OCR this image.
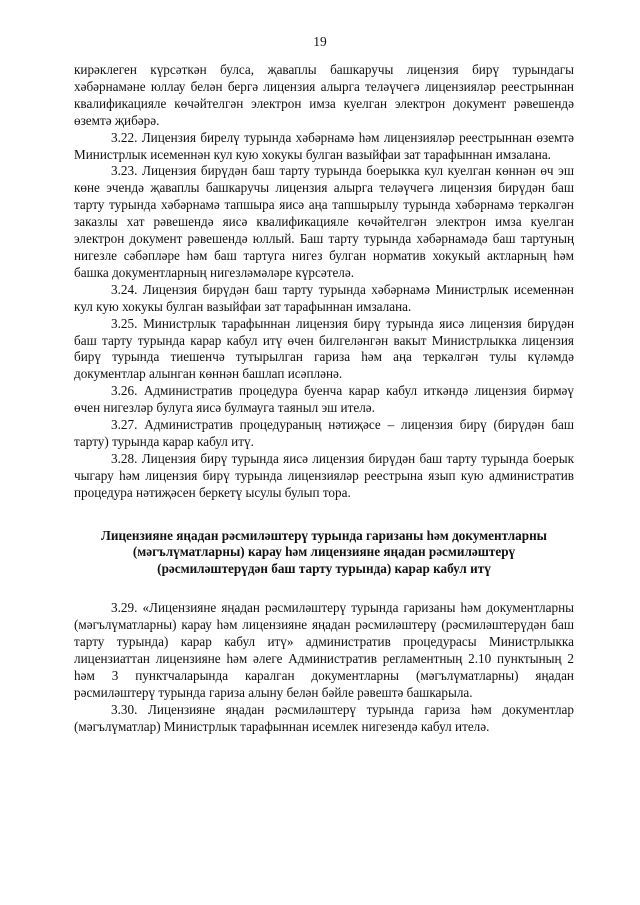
19

кирәклеген күрсәткән булса, җаваплы башкаручы лицензия бирү турындагы хәбәрнамәне юллау белән бергә лицензия алырга теләүчегә лицензияләр реестрыннан квалификацияле көчәйтелгән электрон имза куелган электрон документ рәвешендә өземтә җибәрә.

3.22. Лицензия бирелү турында хәбәрнамә һәм лицензияләр реестрыннан өземтә Министрлык исеменнән кул кую хокукы булган вазыйфаи зат тарафыннан имзалана.

3.23. Лицензия бирүдән баш тарту турында боерыкка кул куелган көннән өч эш көне эчендә җаваплы башкаручы лицензия алырга теләүчегә лицензия бирүдән баш тарту турында хәбәрнамә тапшыра яисә аңа тапшырылу турында хәбәрнамә теркәлгән заказлы хат рәвешендә яисә квалификацияле көчәйтелгән электрон имза куелган электрон документ рәвешендә юллый. Баш тарту турында хәбәрнамәдә баш тартуның нигезле сәбәпләре һәм баш тартуга нигез булган норматив хокукый актларның һәм башка документларның нигезләмәләре күрсәтелә.

3.24. Лицензия бирүдән баш тарту турында хәбәрнамә Министрлык исеменнән кул кую хокукы булган вазыйфаи зат тарафыннан имзалана.

3.25. Министрлык тарафыннан лицензия бирү турында яисә лицензия бирүдән баш тарту турында карар кабул итү өчен билгеләнгән вакыт Министрлыкка лицензия бирү турында тиешенчә тутырылган гариза һәм аңа теркәлгән тулы күләмдә документлар алынган көннән башлап исәпләнә.

3.26. Административ процедура буенча карар кабул иткәндә лицензия бирмәү өчен нигезләр булуга яисә булмауга таяныл эш ителә.

3.27. Административ процедураның нәтиҗәсе – лицензия бирү (бирүдән баш тарту) турында карар кабул итү.

3.28. Лицензия бирү турында яисә лицензия бирүдән баш тарту турында боерык чыгару һәм лицензия бирү турында лицензияләр реестрына язып кую административ процедура нәтиҗәсен беркетү ысулы булып тора.

Лицензияне яңадан рәсмиләштерү турында гаризаны һәм документларны (мәгълүматларны) карау һәм лицензияне яңадан рәсмиләштерү (рәсмиләштерүдән баш тарту турында) карар кабул итү

3.29. «Лицензияне яңадан рәсмиләштерү турында гаризаны һәм документларны (мәгълүматларны) карау һәм лицензияне яңадан рәсмиләштерү (рәсмиләштерүдән баш тарту турында) карар кабул итү» административ процедурасы Министрлыкка лицензиаттан лицензияне һәм әлеге Административ регламентның 2.10 пунктының 2 һәм 3 пунктчаларында каралган документларны (мәгълүматларны) яңадан рәсмиләштерү турында гариза алыну белән бәйле рәвештә башкарыла.

3.30. Лицензияне яңадан рәсмиләштерү турында гариза һәм документлар (мәгълүматлар) Министрлык тарафыннан исемлек нигезендә кабул ителә.
